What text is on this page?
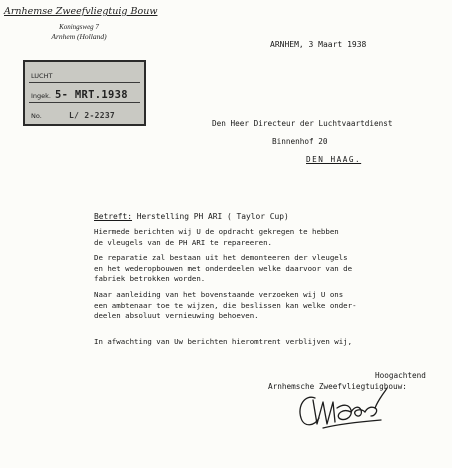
Arnhemse Zweefvliegtuig Bouw
Koningsweg 7
Arnhem (Holland)
LUCHT
Ingek. 5- MRT.1938
No.	L/ 2-2237
ARNHEM, 3 Maart 1938
Den Heer Directeur der Luchtvaartdienst
Binnenhof 20
DEN HAAG.
Betreft: Herstelling PH ARI ( Taylor Cup)
Hiermede berichten wij U de opdracht gekregen te hebben
de vleugels van de PH ARI te repareeren.
De reparatie zal bestaan uit het demonteeren der vleugels
en het wederopbouwen met onderdeelen welke daarvoor van de
fabriek betrokken worden.
Naar aanleiding van het bovenstaande verzoeken wij U ons
een ambtenaar toe te wijzen, die beslissen kan welke onder-
deelen absoluut vernieuwing behoeven.
In afwachting van Uw berichten hieromtrent verblijven wij,
Hoogachtend
Arnhemsche Zweefvliegtuigbouw:
